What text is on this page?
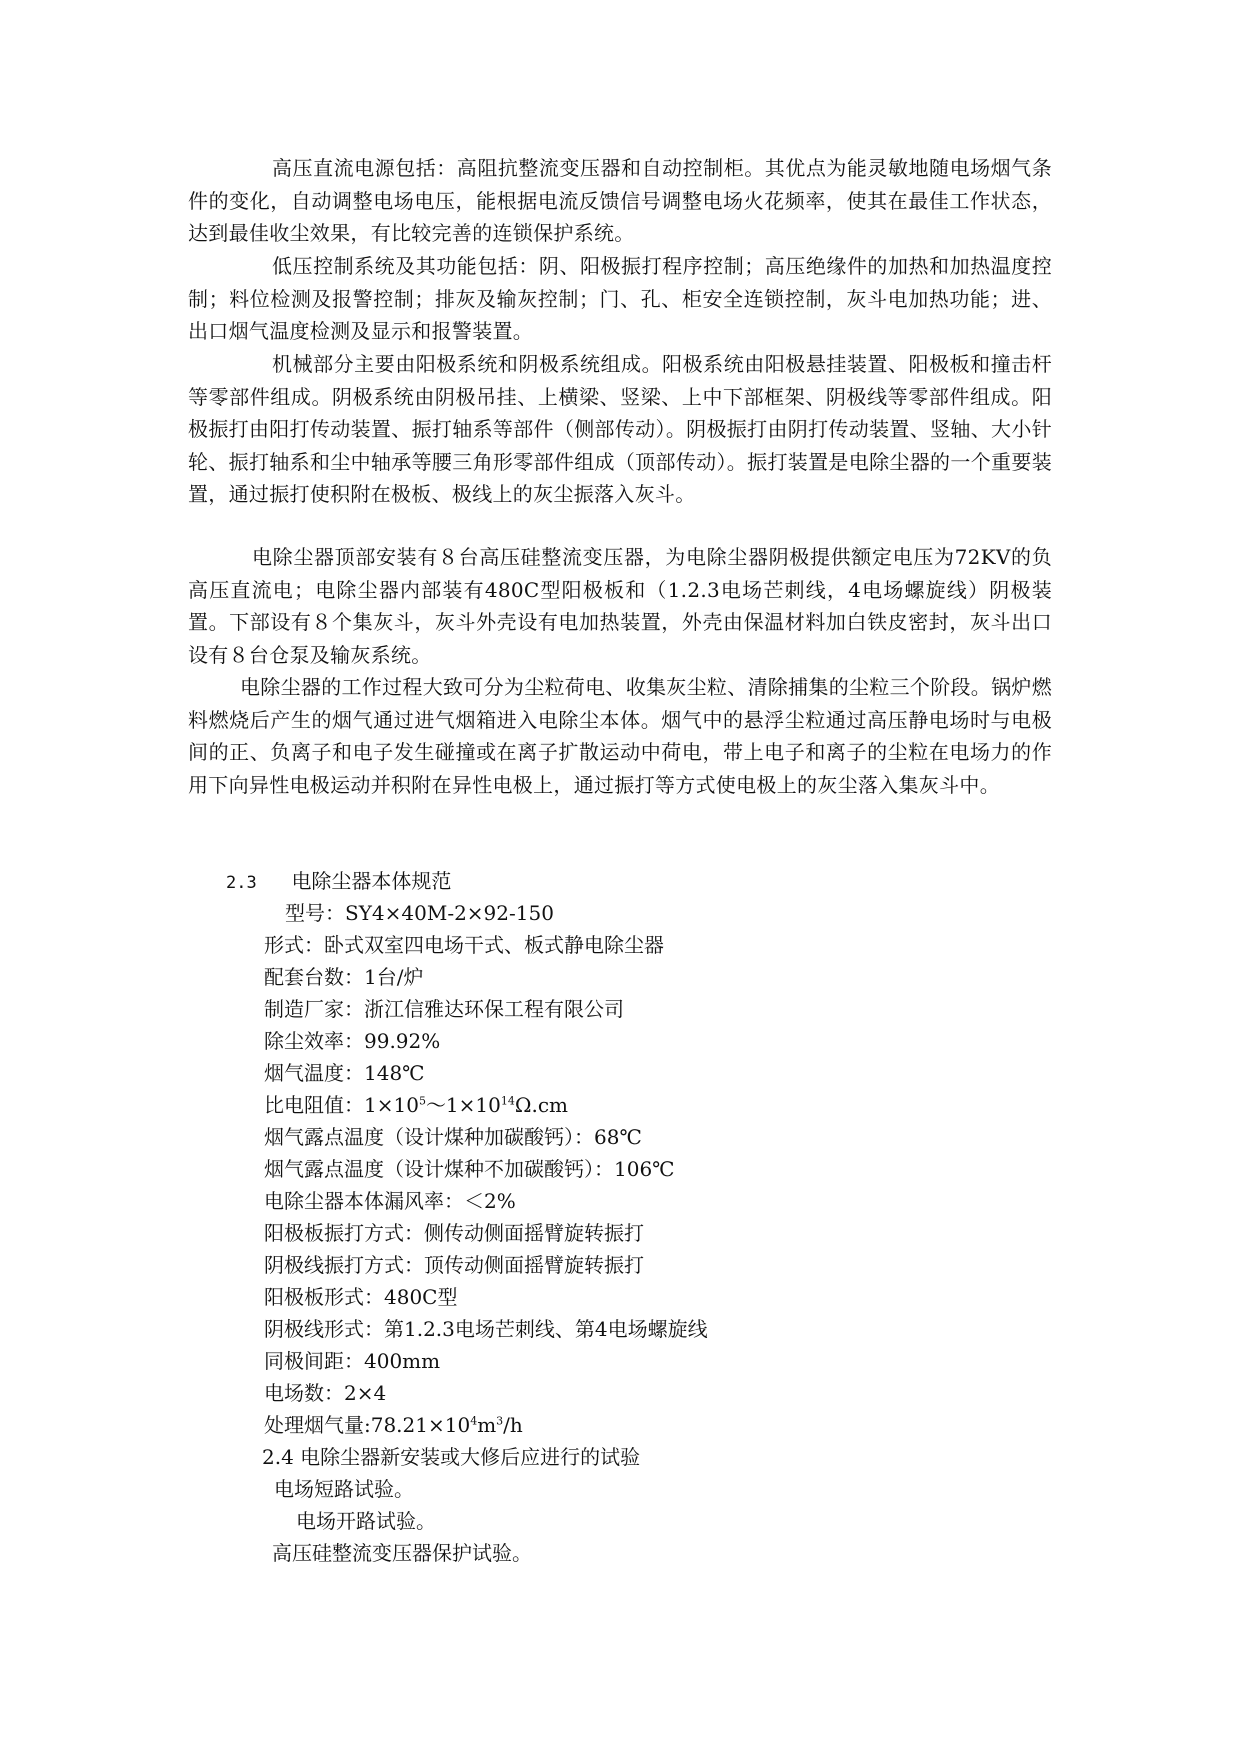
高压直流电源包括：高阻抗整流变压器和自动控制柜。其优点为能灵敏地随电场烟气条件的变化，自动调整电场电压，能根据电流反馈信号调整电场火花频率，使其在最佳工作状态，达到最佳收尘效果，有比较完善的连锁保护系统。

低压控制系统及其功能包括：阴、阳极振打程序控制；高压绝缘件的加热和加热温度控制；料位检测及报警控制；排灰及输灰控制；门、孔、柜安全连锁控制，灰斗电加热功能；进、出口烟气温度检测及显示和报警装置。

机械部分主要由阳极系统和阴极系统组成。阳极系统由阳极悬挂装置、阳极板和撞击杆等零部件组成。阴极系统由阴极吊挂、上横梁、竖梁、上中下部框架、阴极线等零部件组成。阳极振打由阳打传动装置、振打轴系等部件（侧部传动）。阴极振打由阴打传动装置、竖轴、大小针轮、振打轴系和尘中轴承等腰三角形零部件组成（顶部传动）。振打装置是电除尘器的一个重要装置，通过振打使积附在极板、极线上的灰尘振落入灰斗。

电除尘器顶部安装有８台高压硅整流变压器，为电除尘器阴极提供额定电压为72KV的负高压直流电；电除尘器内部装有480C型阳极板和（1.2.3电场芒刺线，4电场螺旋线）阴极装置。下部设有８个集灰斗，灰斗外壳设有电加热装置，外壳由保温材料加白铁皮密封，灰斗出口设有８台仓泵及输灰系统。

电除尘器的工作过程大致可分为尘粒荷电、收集灰尘粒、清除捕集的尘粒三个阶段。锅炉燃料燃烧后产生的烟气通过进气烟箱进入电除尘本体。烟气中的悬浮尘粒通过高压静电场时与电极间的正、负离子和电子发生碰撞或在离子扩散运动中荷电，带上电子和离子的尘粒在电场力的作用下向异性电极运动并积附在异性电极上，通过振打等方式使电极上的灰尘落入集灰斗中。

2.3 电除尘器本体规范
型号：SY4×40M-2×92-150
形式：卧式双室四电场干式、板式静电除尘器
配套台数：1台/炉
制造厂家：浙江信雅达环保工程有限公司
除尘效率：99.92%
烟气温度：148℃
比电阻值：$1\times 10^5\sim 1\times 10^{14}\Omega.cm$
烟气露点温度（设计煤种加碳酸钙）：68℃
烟气露点温度（设计煤种不加碳酸钙）：106℃
电除尘器本体漏风率：＜2%
阳极板振打方式：侧传动侧面摇臂旋转振打
阴极线振打方式：顶传动侧面摇臂旋转振打
阳极板形式：480C型
阴极线形式：第1.2.3电场芒刺线、第4电场螺旋线
同极间距：400mm
电场数：2×4
处理烟气量$:78.21\times 10^4m^3/h$
2.4 电除尘器新安装或大修后应进行的试验
电场短路试验。
电场开路试验。
高压硅整流变压器保护试验。
